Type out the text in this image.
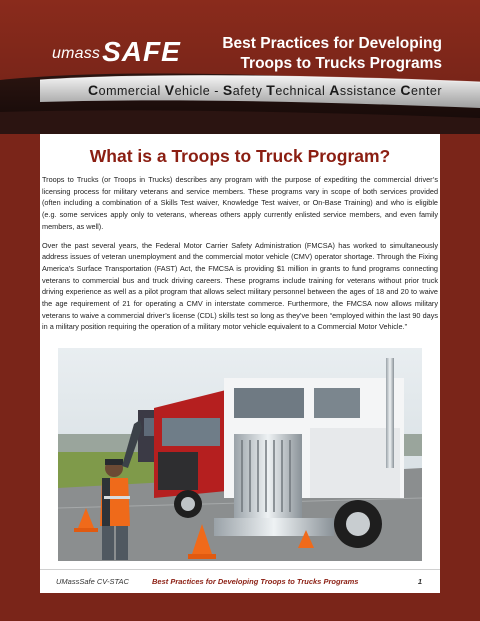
umass SAFE	Best Practices for Developing
Troops to Trucks Programs
Commercial Vehicle - Safety Technical Assistance Center
What is a Troops to Truck Program?

Troops to Trucks (or Troops in Trucks) describes any program with the purpose of expediting the commercial driver’s licensing process for military veterans and service members. These programs vary in scope of both services provided (often including a combination of a Skills Test waiver, Knowledge Test waiver, or On-Base Training) and who is eligible (e.g. some services apply only to veterans, whereas others apply currently enlisted service members, and even family members, as well).

Over the past several years, the Federal Motor Carrier Safety Administration (FMCSA) has worked to simultaneously address issues of veteran unemployment and the commercial motor vehicle (CMV) operator shortage. Through the Fixing America’s Surface Transportation (FAST) Act, the FMCSA is providing $1 million in grants to fund programs connecting veterans to commercial bus and truck driving careers. These programs include training for veterans without prior truck driving experience as well as a pilot program that allows select military personnel between the ages of 18 and 20 to waive the age requirement of 21 for operating a CMV in interstate commerce. Furthermore, the FMCSA now allows military veterans to waive a commercial driver’s license (CDL) skills test so long as they’ve been “employed within the last 90 days in a military position requiring the operation of a military motor vehicle equivalent to a Commercial Motor Vehicle.”

UMassSafe CV-STAC	Best Practices for Developing Troops to Trucks Programs	1
